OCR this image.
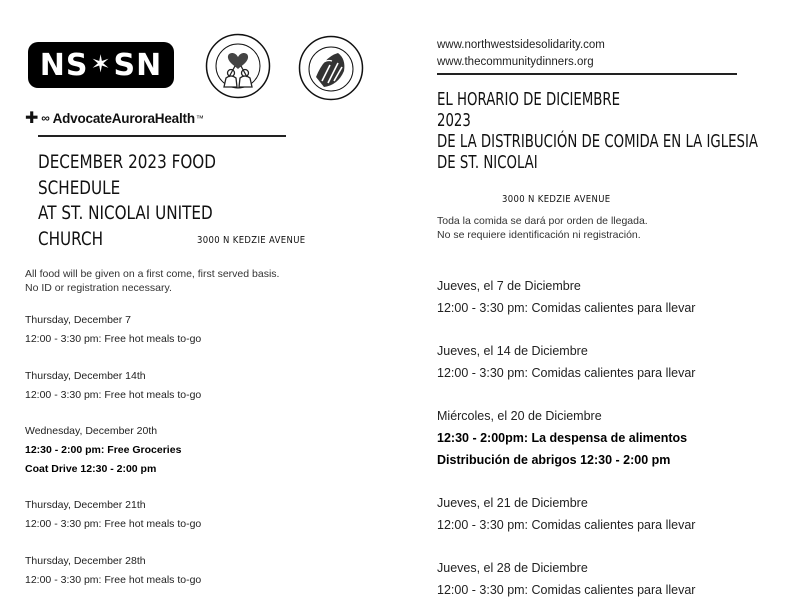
NS ✶ SN
✚ ∞ AdvocateAuroraHealth ™
DECEMBER 2023 FOOD
SCHEDULE
AT ST. NICOLAI UNITED
CHURCH	3000 N KEDZIE AVENUE
All food will be given on a first come, first served basis.
No ID or registration necessary.
Thursday, December 7
12:00 - 3:30 pm: Free hot meals to-go
Thursday, December 14th
12:00 - 3:30 pm: Free hot meals to-go
Wednesday, December 20th
12:30 - 2:00 pm: Free Groceries
Coat Drive 12:30 - 2:00 pm
Thursday, December 21th
12:00 - 3:30 pm: Free hot meals to-go
Thursday, December 28th
12:00 - 3:30 pm: Free hot meals to-go
www.northwestsidesolidarity.com
www.thecommunitydinners.org
EL HORARIO DE DICIEMBRE
2023
DE LA DISTRIBUCIÓN DE COMIDA EN LA IGLESIA
DE ST. NICOLAI
3000 N KEDZIE AVENUE
Toda la comida se dará por orden de llegada.
No se requiere identificación ni registración.
Jueves, el 7 de Diciembre
12:00 - 3:30 pm: Comidas calientes para llevar
Jueves, el 14 de Diciembre
12:00 - 3:30 pm: Comidas calientes para llevar
Miércoles, el 20 de Diciembre
12:30 - 2:00pm: La despensa de alimentos
Distribución de abrigos 12:30 - 2:00 pm
Jueves, el 21 de Diciembre
12:00 - 3:30 pm: Comidas calientes para llevar
Jueves, el 28 de Diciembre
12:00 - 3:30 pm: Comidas calientes para llevar
